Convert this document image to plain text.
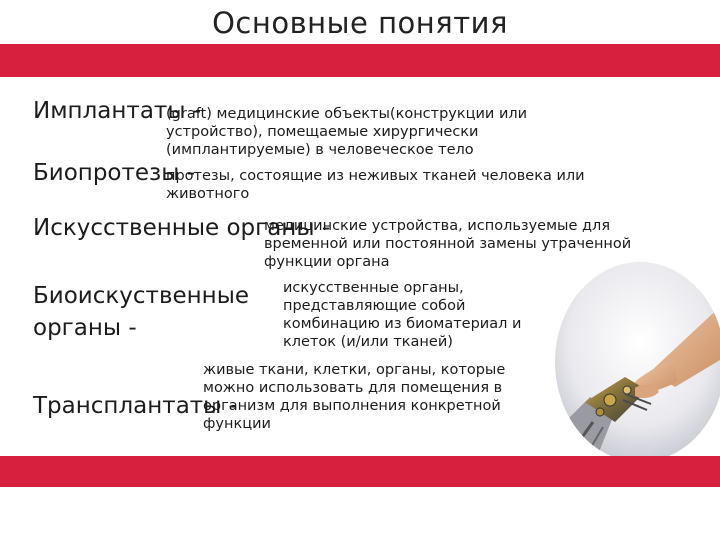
Основные понятия
Имплантаты -
(graft) медицинские объекты(конструкции или
устройство), помещаемые хирургически
(имплантируемые) в человеческое тело
Биопротезы -
протезы, состоящие из неживых тканей человека или
животного
Искусственные органы -
медицинские устройства, используемые для
временной или постоянной замены утраченной
функции органа
Биоискуственные
органы -
искусственные органы,
представляющие собой
комбинацию из биоматериал и
клеток (и/или тканей)
Трансплантаты -
живые ткани, клетки, органы, которые
можно использовать для помещения в
организм для выполнения конкретной
функции
